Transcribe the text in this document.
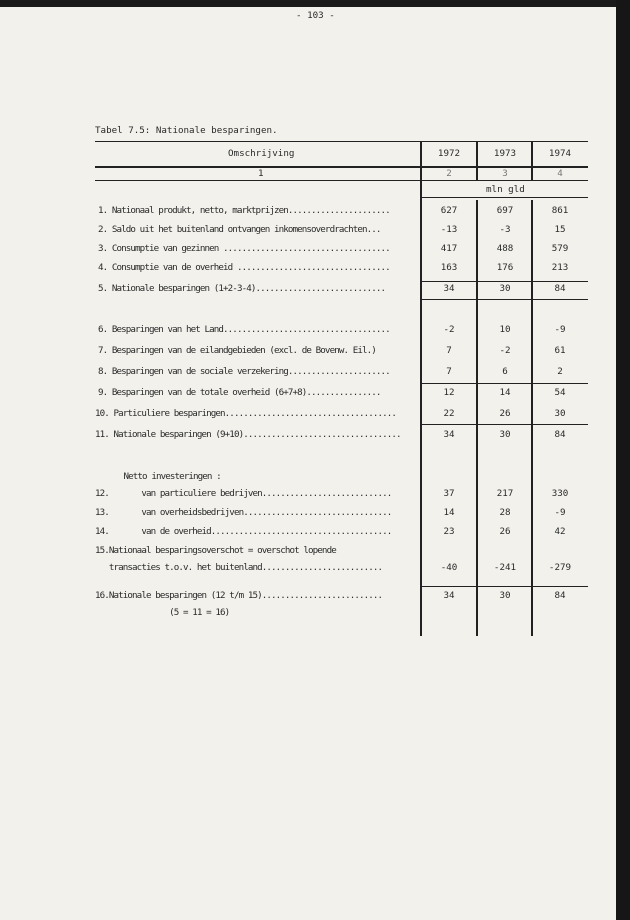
- 103 -
Tabel 7.5: Nationale besparingen.
Omschrijving	1972	1973	1974
1	2	3	4
mln gld
1. Nationaal produkt, netto, marktprijzen......................	627	697	861
2. Saldo uit het buitenland ontvangen inkomensoverdrachten...	-13	-3	15
3. Consumptie van gezinnen ....................................	417	488	579
4. Consumptie van de overheid .................................	163	176	213
5. Nationale besparingen (1+2-3-4)............................	34	30	84
6. Besparingen van het Land....................................	-2	10	-9
7. Besparingen van de eilandgebieden (excl. de Bovenw. Eil.)	7	-2	61
8. Besparingen van de sociale verzekering......................	7	6	2
9. Besparingen van de totale overheid (6+7+8)................	12	14	54
10. Particuliere besparingen.....................................	22	26	30
11. Nationale besparingen (9+10)..................................	34	30	84
Netto investeringen :
12.       van particuliere bedrijven............................	37	217	330
13.       van overheidsbedrijven................................	14	28	-9
14.       van de overheid.......................................	23	26	42
15.Nationaal besparingsoverschot = overschot lopende
transacties t.o.v. het buitenland..........................	-40	-241	-279
16.Nationale besparingen (12 t/m 15)..........................	34	30	84
(5 = 11 = 16)
